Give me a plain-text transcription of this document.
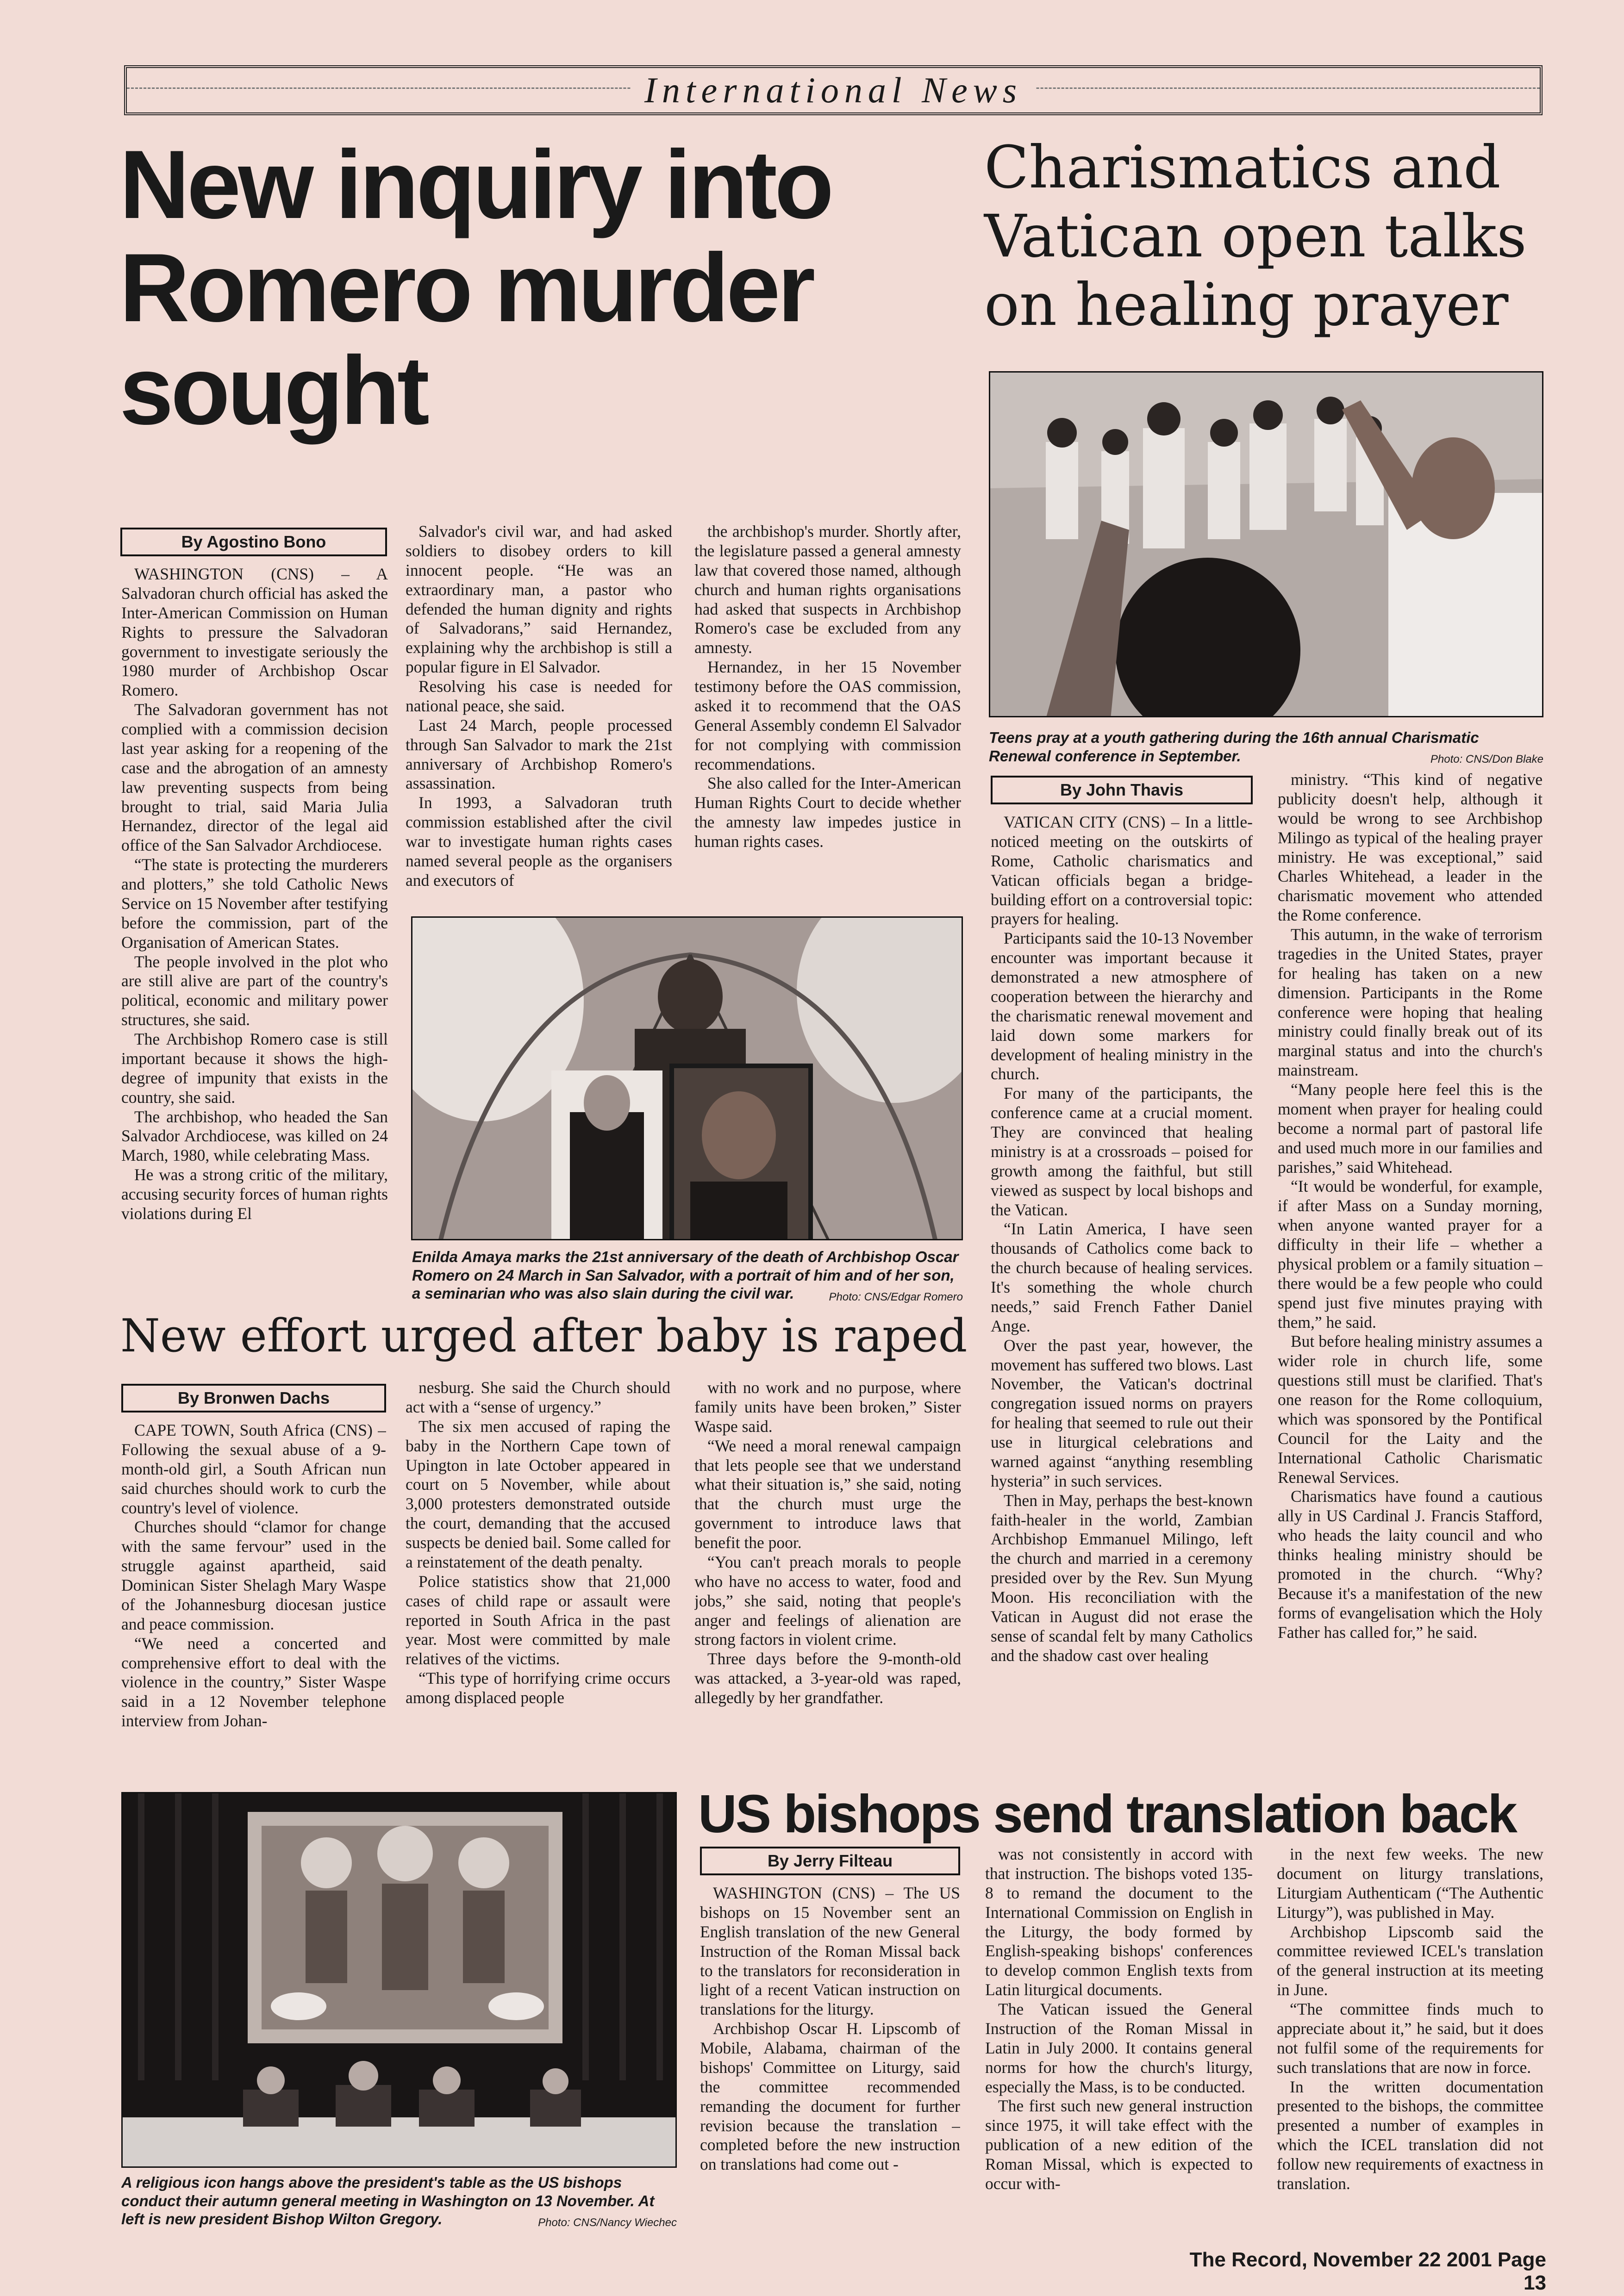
International News
New inquiry into Romero murder sought
By Agostino Bono

WASHINGTON (CNS) – A Salvadoran church official has asked the Inter-American Commission on Human Rights to pressure the Salvadoran government to investigate seriously the 1980 murder of Archbishop Oscar Romero.

The Salvadoran government has not complied with a commission decision last year asking for a reopening of the case and the abrogation of an amnesty law preventing suspects from being brought to trial, said Maria Julia Hernandez, director of the legal aid office of the San Salvador Archdiocese.

“The state is protecting the murderers and plotters,” she told Catholic News Service on 15 November after testifying before the commission, part of the Organisation of American States.

The people involved in the plot who are still alive are part of the country's political, economic and military power structures, she said.

The Archbishop Romero case is still important because it shows the high-degree of impunity that exists in the country, she said.

The archbishop, who headed the San Salvador Archdiocese, was killed on 24 March, 1980, while celebrating Mass.

He was a strong critic of the military, accusing security forces of human rights violations during El

Salvador's civil war, and had asked soldiers to disobey orders to kill innocent people. “He was an extraordinary man, a pastor who defended the human dignity and rights of Salvadorans,” said Hernandez, explaining why the archbishop is still a popular figure in El Salvador.

Resolving his case is needed for national peace, she said.

Last 24 March, people processed through San Salvador to mark the 21st anniversary of Archbishop Romero's assassination.

In 1993, a Salvadoran truth commission established after the civil war to investigate human rights cases named several people as the organisers and executors of

the archbishop's murder. Shortly after, the legislature passed a general amnesty law that covered those named, although church and human rights organisations had asked that suspects in Archbishop Romero's case be excluded from any amnesty.

Hernandez, in her 15 November testimony before the OAS commission, asked it to recommend that the OAS General Assembly condemn El Salvador for not complying with commission recommendations.

She also called for the Inter-American Human Rights Court to decide whether the amnesty law impedes justice in human rights cases.

Photo: CNS/Edgar Romero
Enilda Amaya marks the 21st anniversary of the death of Archbishop Oscar Romero on 24 March in San Salvador, with a portrait of him and of her son, a seminarian who was also slain during the civil war.
Charismatics and Vatican open talks on healing prayer
Teens pray at a youth gathering during the 16th annual Charismatic Renewal conference in September.	Photo: CNS/Don Blake
By John Thavis

VATICAN CITY (CNS) – In a little-noticed meeting on the outskirts of Rome, Catholic charismatics and Vatican officials began a bridge-building effort on a controversial topic: prayers for healing.

Participants said the 10-13 November encounter was important because it demonstrated a new atmosphere of cooperation between the hierarchy and the charismatic renewal movement and laid down some markers for development of healing ministry in the church.

For many of the participants, the conference came at a crucial moment. They are convinced that healing ministry is at a crossroads – poised for growth among the faithful, but still viewed as suspect by local bishops and the Vatican.

“In Latin America, I have seen thousands of Catholics come back to the church because of healing services. It's something the whole church needs,” said French Father Daniel Ange.

Over the past year, however, the movement has suffered two blows. Last November, the Vatican's doctrinal congregation issued norms on prayers for healing that seemed to rule out their use in liturgical celebrations and warned against “anything resembling hysteria” in such services.

Then in May, perhaps the best-known faith-healer in the world, Zambian Archbishop Emmanuel Milingo, left the church and married in a ceremony presided over by the Rev. Sun Myung Moon. His reconciliation with the Vatican in August did not erase the sense of scandal felt by many Catholics and the shadow cast over healing

ministry. “This kind of negative publicity doesn't help, although it would be wrong to see Archbishop Milingo as typical of the healing prayer ministry. He was exceptional,” said Charles Whitehead, a leader in the charismatic movement who attended the Rome conference.

This autumn, in the wake of terrorism tragedies in the United States, prayer for healing has taken on a new dimension. Participants in the Rome conference were hoping that healing ministry could finally break out of its marginal status and into the church's mainstream.

“Many people here feel this is the moment when prayer for healing could become a normal part of pastoral life and used much more in our families and parishes,” said Whitehead.

“It would be wonderful, for example, if after Mass on a Sunday morning, when anyone wanted prayer for a difficulty in their life – whether a physical problem or a family situation – there would be a few people who could spend just five minutes praying with them,” he said.

But before healing ministry assumes a wider role in church life, some questions still must be clarified. That's one reason for the Rome colloquium, which was sponsored by the Pontifical Council for the Laity and the International Catholic Charismatic Renewal Services.

Charismatics have found a cautious ally in US Cardinal J. Francis Stafford, who heads the laity council and who thinks healing ministry should be promoted in the church. “Why? Because it's a manifestation of the new forms of evangelisation which the Holy Father has called for,” he said.

New effort urged after baby is raped
By Bronwen Dachs

CAPE TOWN, South Africa (CNS) – Following the sexual abuse of a 9-month-old girl, a South African nun said churches should work to curb the country's level of violence.

Churches should “clamor for change with the same fervour” used in the struggle against apartheid, said Dominican Sister Shelagh Mary Waspe of the Johannesburg diocesan justice and peace commission.

“We need a concerted and comprehensive effort to deal with the violence in the country,” Sister Waspe said in a 12 November telephone interview from Johan-

nesburg. She said the Church should act with a “sense of urgency.”

The six men accused of raping the baby in the Northern Cape town of Upington in late October appeared in court on 5 November, while about 3,000 protesters demonstrated outside the court, demanding that the accused suspects be denied bail. Some called for a reinstatement of the death penalty.

Police statistics show that 21,000 cases of child rape or assault were reported in South Africa in the past year. Most were committed by male relatives of the victims.

“This type of horrifying crime occurs among displaced people

with no work and no purpose, where family units have been broken,” Sister Waspe said.

“We need a moral renewal campaign that lets people see that we understand what their situation is,” she said, noting that the church must urge the government to introduce laws that benefit the poor.

“You can't preach morals to people who have no access to water, food and jobs,” she said, noting that people's anger and feelings of alienation are strong factors in violent crime.

Three days before the 9-month-old was attacked, a 3-year-old was raped, allegedly by her grandfather.

Photo: CNS/Nancy Wiechec
A religious icon hangs above the president's table as the US bishops conduct their autumn general meeting in Washington on 13 November. At left is new president Bishop Wilton Gregory.
US bishops send translation back
By Jerry Filteau

WASHINGTON (CNS) – The US bishops on 15 November sent an English translation of the new General Instruction of the Roman Missal back to the translators for reconsideration in light of a recent Vatican instruction on translations for the liturgy.

Archbishop Oscar H. Lipscomb of Mobile, Alabama, chairman of the bishops' Committee on Liturgy, said the committee recommended remanding the document for further revision because the translation – completed before the new instruction on translations had come out -

was not consistently in accord with that instruction. The bishops voted 135-8 to remand the document to the International Commission on English in the Liturgy, the body formed by English-speaking bishops' conferences to develop common English texts from Latin liturgical documents.

The Vatican issued the General Instruction of the Roman Missal in Latin in July 2000. It contains general norms for how the church's liturgy, especially the Mass, is to be conducted.

The first such new general instruction since 1975, it will take effect with the publication of a new edition of the Roman Missal, which is expected to occur with-

in the next few weeks. The new document on liturgy translations, Liturgiam Authenticam (“The Authentic Liturgy”), was published in May.

Archbishop Lipscomb said the committee reviewed ICEL's translation of the general instruction at its meeting in June.

“The committee finds much to appreciate about it,” he said, but it does not fulfil some of the requirements for such translations that are now in force.

In the written documentation presented to the bishops, the committee presented a number of examples in which the ICEL translation did not follow new requirements of exactness in translation.

The Record, November 22 2001 Page 13
